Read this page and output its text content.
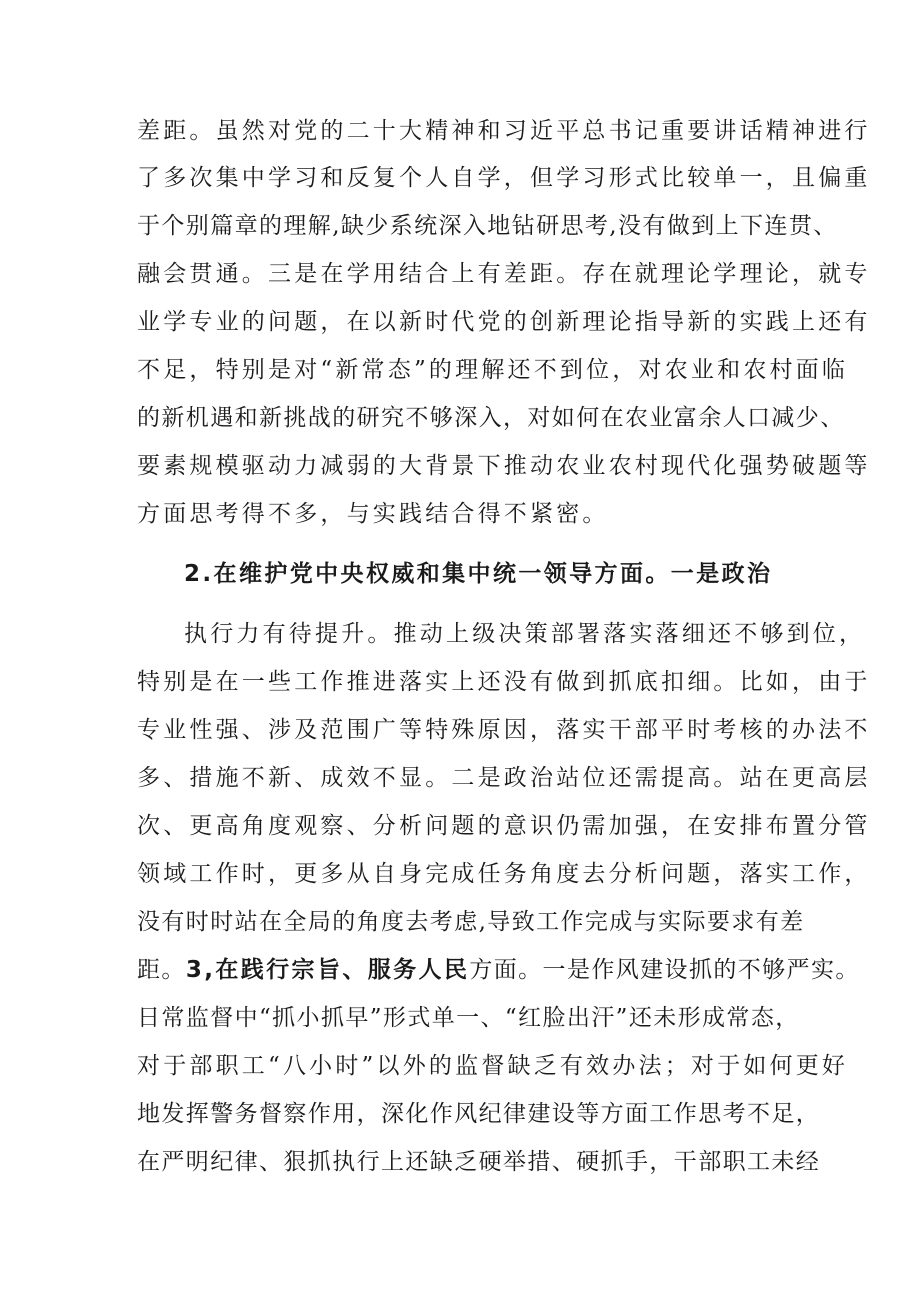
差距。虽然对党的二十大精神和习近平总书记重要讲话精神进行
了多次集中学习和反复个人自学，但学习形式比较单一，且偏重
于个别篇章的理解,缺少系统深入地钻研思考,没有做到上下连贯、
融会贯通。三是在学用结合上有差距。存在就理论学理论，就专
业学专业的问题，在以新时代党的创新理论指导新的实践上还有
不足，特别是对“新常态”的理解还不到位，对农业和农村面临
的新机遇和新挑战的研究不够深入，对如何在农业富余人口减少、
要素规模驱动力减弱的大背景下推动农业农村现代化强势破题等
方面思考得不多，与实践结合得不紧密。
2.在维护党中央权威和集中统一领导方面。一是政治
执行力有待提升。推动上级决策部署落实落细还不够到位，
特别是在一些工作推进落实上还没有做到抓底扣细。比如，由于
专业性强、涉及范围广等特殊原因，落实干部平时考核的办法不
多、措施不新、成效不显。二是政治站位还需提高。站在更高层
次、更高角度观察、分析问题的意识仍需加强，在安排布置分管
领域工作时，更多从自身完成任务角度去分析问题，落实工作，
没有时时站在全局的角度去考虑,导致工作完成与实际要求有差
距。3,在践行宗旨、服务人民方面。一是作风建设抓的不够严实。
日常监督中“抓小抓早”形式单一、“红脸出汗”还未形成常态，
对于部职工“八小时”以外的监督缺乏有效办法；对于如何更好
地发挥警务督察作用，深化作风纪律建设等方面工作思考不足，
在严明纪律、狠抓执行上还缺乏硬举措、硬抓手，干部职工未经
